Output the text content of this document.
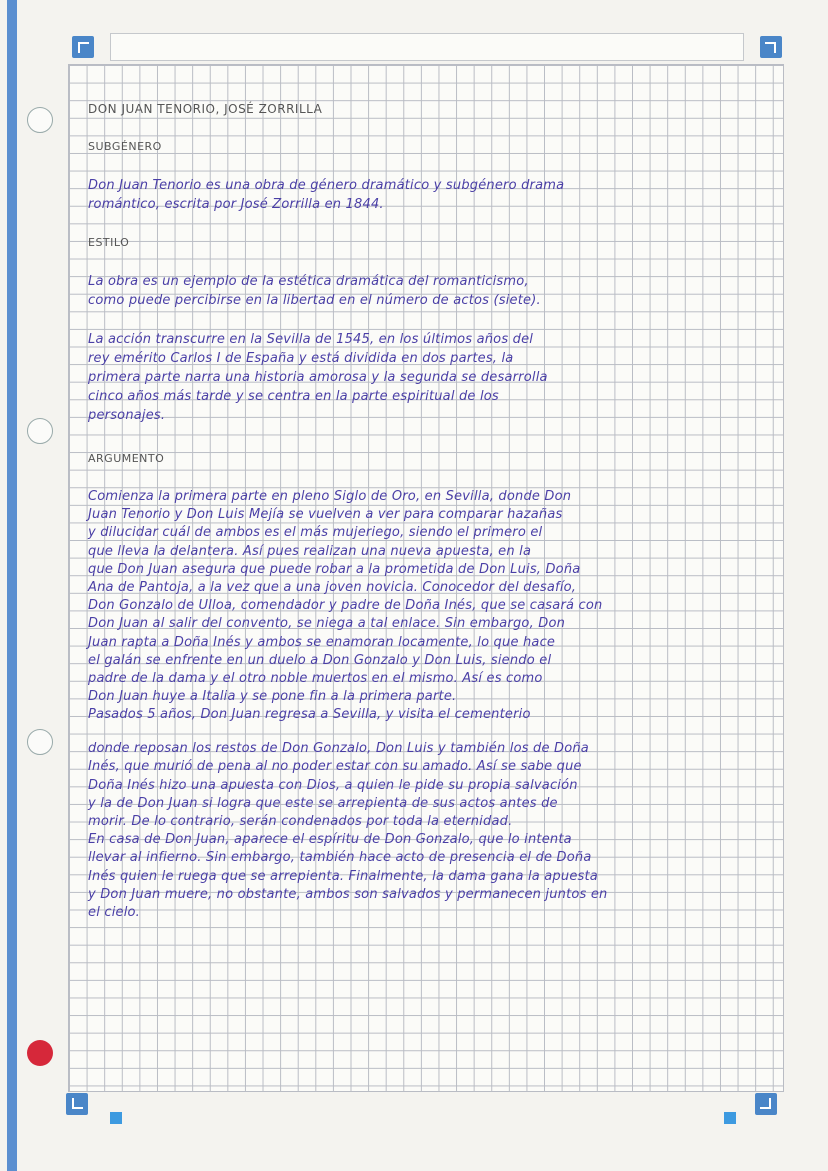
DON JUAN TENORIO, JOSÉ ZORRILLA
SUBGÉNERO
Don Juan Tenorio es una obra de género dramático y subgénero drama
romántico, escrita por José Zorrilla en 1844.
ESTILO
La obra es un ejemplo de la estética dramática del romanticismo,
como puede percibirse en la libertad en el número de actos (siete).
La acción transcurre en la Sevilla de 1545, en los últimos años del
rey emérito Carlos I de España y está dividida en dos partes, la
primera parte narra una historia amorosa y la segunda se desarrolla
cinco años más tarde y se centra en la parte espiritual de los
personajes.
ARGUMENTO
Comienza la primera parte en pleno Siglo de Oro, en Sevilla, donde Don
Juan Tenorio y Don Luis Mejía se vuelven a ver para comparar hazañas
y dilucidar cuál de ambos es el más mujeriego, siendo el primero el
que lleva la delantera. Así pues realizan una nueva apuesta, en la
que Don Juan asegura que puede robar a la prometida de Don Luis, Doña
Ana de Pantoja, a la vez que a una joven novicia. Conocedor del desafío,
Don Gonzalo de Ulloa, comendador y padre de Doña Inés, que se casará con
Don Juan al salir del convento, se niega a tal enlace. Sin embargo, Don
Juan rapta a Doña Inés y ambos se enamoran locamente, lo que hace
el galán se enfrente en un duelo a Don Gonzalo y Don Luis, siendo el
padre de la dama y el otro noble muertos en el mismo. Así es como
Don Juan huye a Italia y se pone fin a la primera parte.
Pasados 5 años, Don Juan regresa a Sevilla, y visita el cementerio
donde reposan los restos de Don Gonzalo, Don Luis y también los de Doña
Inés, que murió de pena al no poder estar con su amado. Así se sabe que
Doña Inés hizo una apuesta con Dios, a quien le pide su propia salvación
y la de Don Juan si logra que este se arrepienta de sus actos antes de
morir. De lo contrario, serán condenados por toda la eternidad.
En casa de Don Juan, aparece el espíritu de Don Gonzalo, que lo intenta
llevar al infierno. Sin embargo, también hace acto de presencia el de Doña
Inés quien le ruega que se arrepienta. Finalmente, la dama gana la apuesta
y Don Juan muere, no obstante, ambos son salvados y permanecen juntos en
el cielo.
